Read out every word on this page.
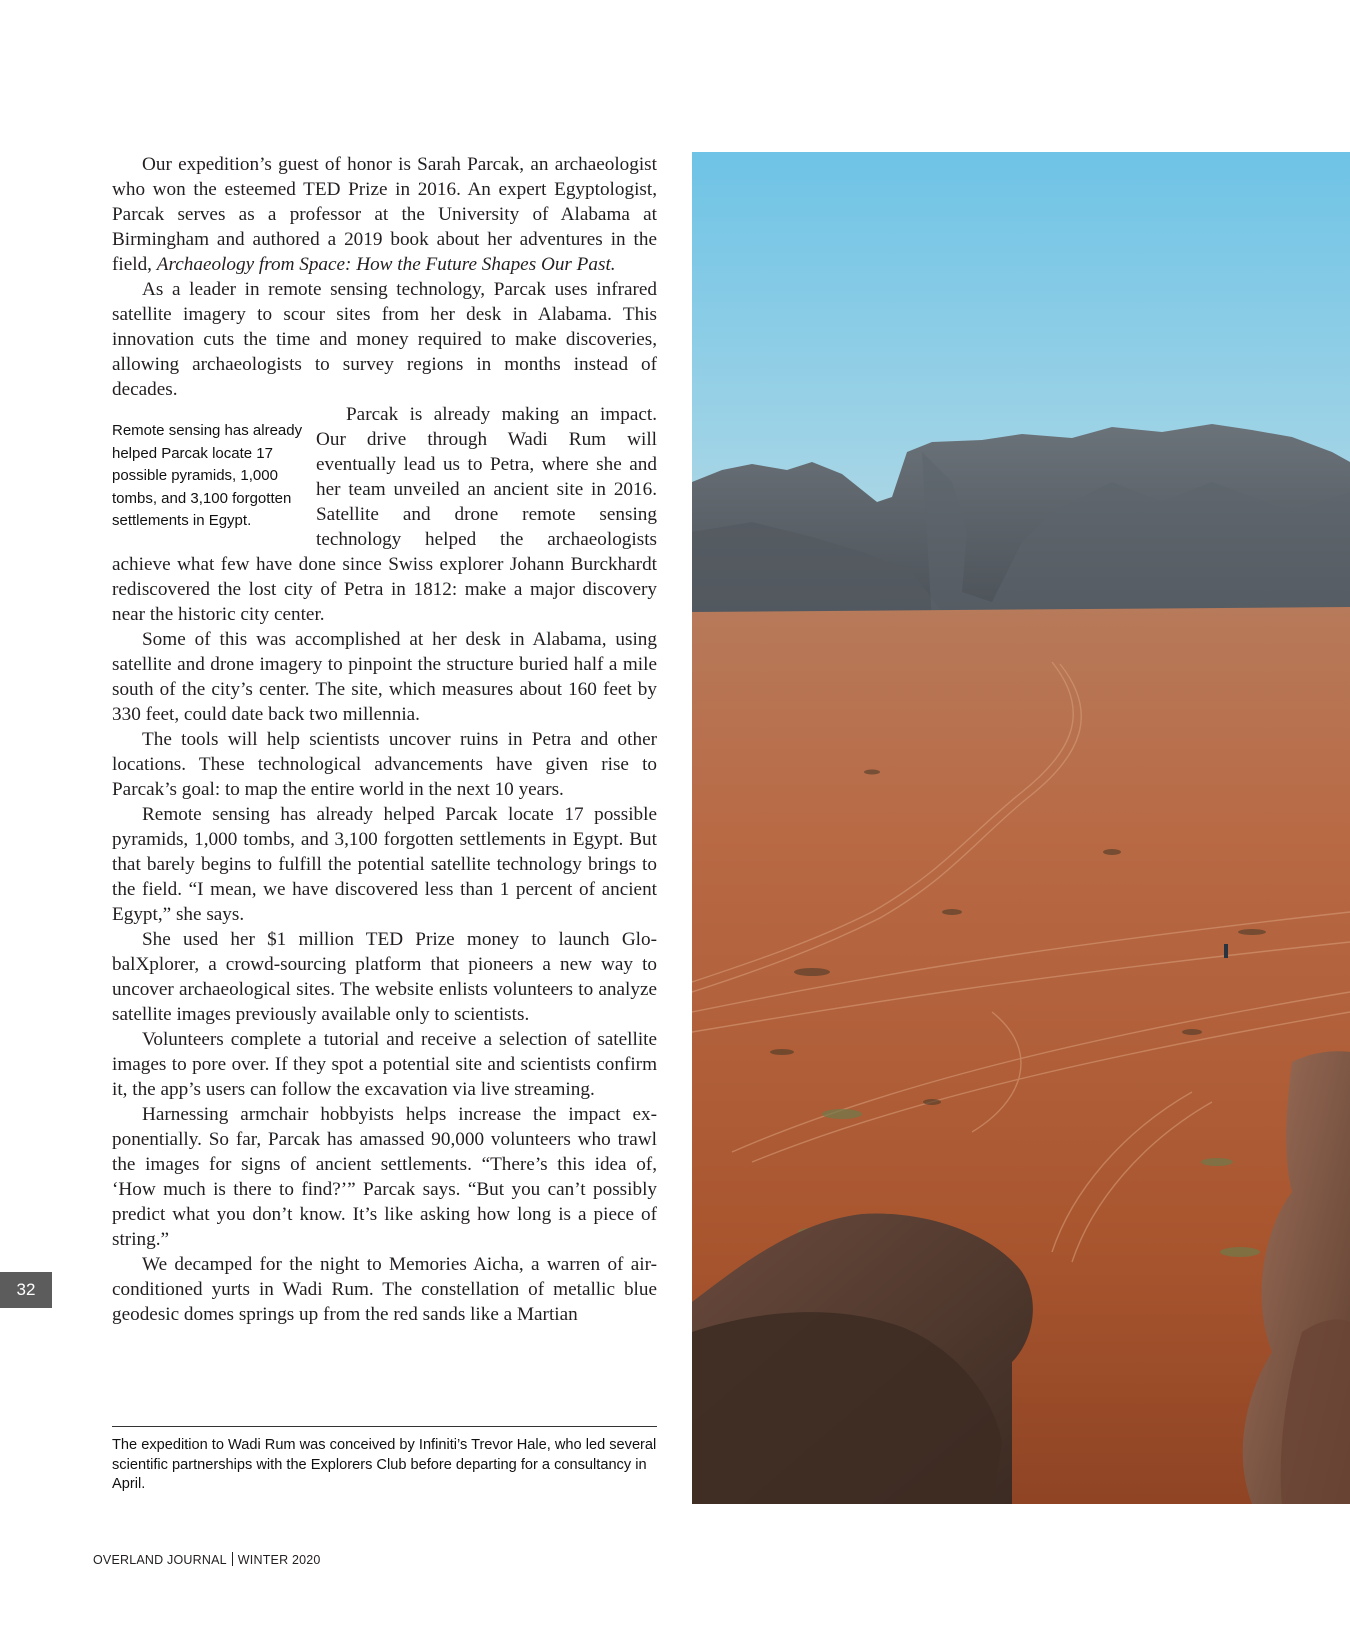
Our expedition’s guest of honor is Sarah Parcak, an archaeologist who won the esteemed TED Prize in 2016. An expert Egyptologist, Parcak serves as a professor at the University of Alabama at Birmingham and authored a 2019 book about her adventures in the field, Archaeology from Space: How the Future Shapes Our Past.

As a leader in remote sensing technology, Parcak uses infrared satellite imagery to scour sites from her desk in Alabama. This innovation cuts the time and money required to make discoveries, allowing archaeologists to survey regions in months instead of decades.

Remote sensing has already helped Parcak locate 17 possible pyramids, 1,000 tombs, and 3,100 forgotten settlements in Egypt.
Parcak is already making an impact. Our drive through Wadi Rum will eventually lead us to Petra, where she and her team unveiled an ancient site in 2016. Satellite and drone remote sensing technology helped the archaeologists achieve what few have done since Swiss explorer Johann Burckhardt rediscovered the lost city of Petra in 1812: make a major discovery near the historic city center.

Some of this was accomplished at her desk in Alabama, using satellite and drone imagery to pinpoint the structure buried half a mile south of the city’s center. The site, which measures about 160 feet by 330 feet, could date back two millennia.

The tools will help scientists uncover ruins in Petra and other locations. These technological advancements have given rise to Parcak’s goal: to map the entire world in the next 10 years.

Remote sensing has already helped Parcak locate 17 possible pyramids, 1,000 tombs, and 3,100 forgotten settlements in Egypt. But that barely begins to fulfill the potential satellite technology brings to the field. “I mean, we have discovered less than 1 percent of ancient Egypt,” she says.

She used her $1 million TED Prize money to launch GlobalXplorer, a crowd-sourcing platform that pioneers a new way to uncover archaeological sites. The website enlists volunteers to analyze satellite images previously available only to scientists.

Volunteers complete a tutorial and receive a selection of satellite images to pore over. If they spot a potential site and scientists confirm it, the app’s users can follow the excavation via live streaming.

Harnessing armchair hobbyists helps increase the impact exponentially. So far, Parcak has amassed 90,000 volunteers who trawl the images for signs of ancient settlements. “There’s this idea of, ‘How much is there to find?’” Parcak says. “But you can’t possibly predict what you don’t know. It’s like asking how long is a piece of string.”

We decamped for the night to Memories Aicha, a warren of air-conditioned yurts in Wadi Rum. The constellation of metallic blue geodesic domes springs up from the red sands like a Martian

The expedition to Wadi Rum was conceived by Infiniti’s Trevor Hale, who led several scientific partnerships with the Explorers Club before departing for a consultancy in April.
32
OVERLAND JOURNAL WINTER 2020
